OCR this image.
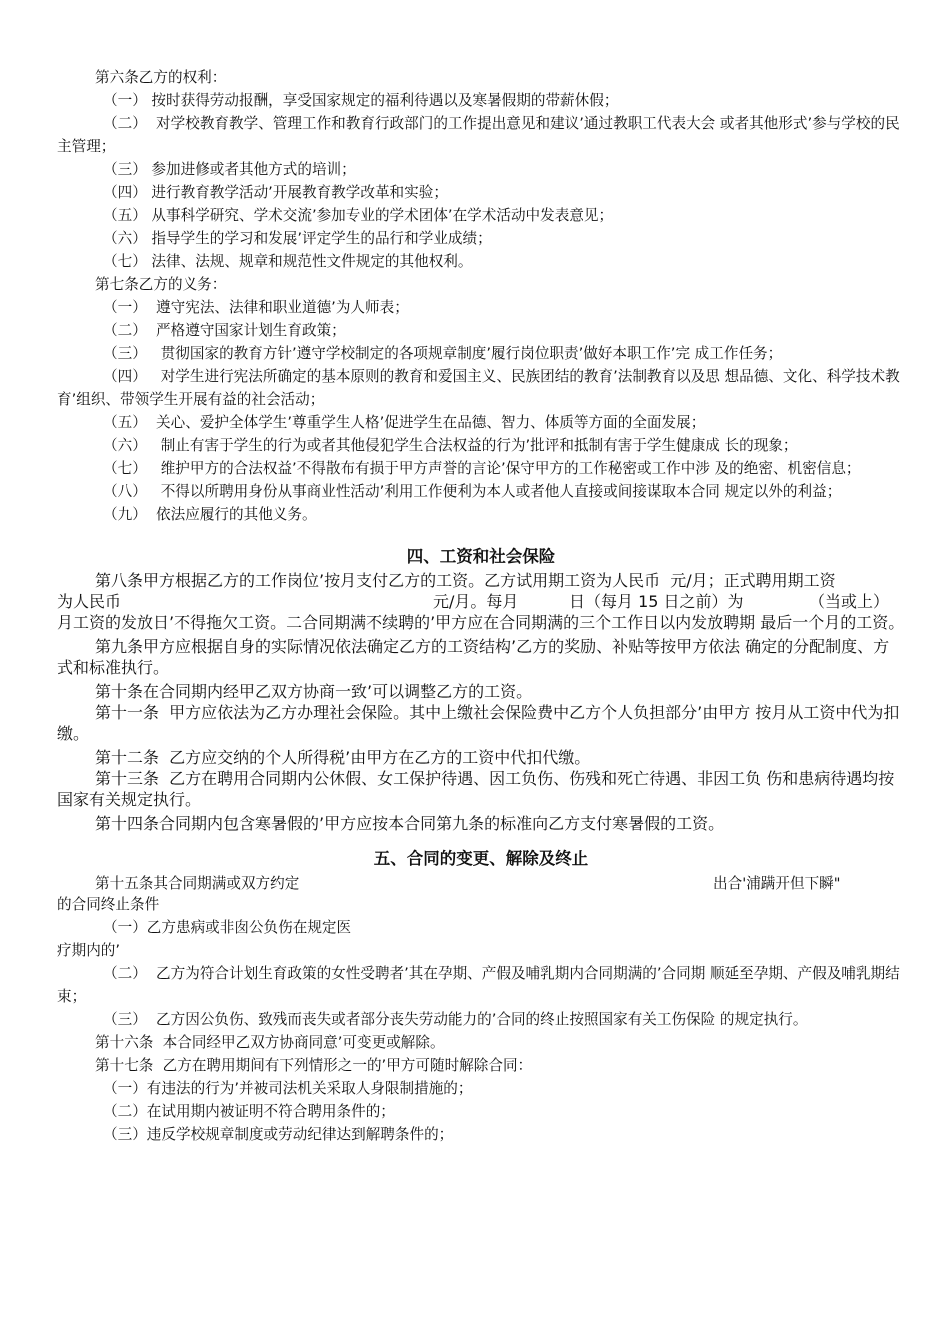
第六条乙方的权利：

（一） 按时获得劳动报酬，享受国家规定的福利待遇以及寒暑假期的带薪休假；

（二）  对学校教育教学、管理工作和教育行政部门的工作提出意见和建议’通过教职工代表大会 或者其他形式’参与学校的民主管理；

（三） 参加进修或者其他方式的培训；

（四） 进行教育教学活动’开展教育教学改革和实验；

（五） 从事科学研究、学术交流’参加专业的学术团体’在学术活动中发表意见；

（六） 指导学生的学习和发展’评定学生的品行和学业成绩；

（七） 法律、法规、规章和规范性文件规定的其他权利。

第七条乙方的义务：

（一）  遵守宪法、法律和职业道德’为人师表；

（二）  严格遵守国家计划生育政策；

（三）   贯彻国家的教育方针’遵守学校制定的各项规章制度’履行岗位职责’做好本职工作’完 成工作任务；

（四）   对学生进行宪法所确定的基本原则的教育和爱国主义、民族团结的教育’法制教育以及思 想品德、文化、科学技术教育’组织、带领学生开展有益的社会活动；

（五）  关心、爱护全体学生’尊重学生人格’促进学生在品德、智力、体质等方面的全面发展；

（六）   制止有害于学生的行为或者其他侵犯学生合法权益的行为’批评和抵制有害于学生健康成 长的现象；

（七）   维护甲方的合法权益’不得散布有损于甲方声誉的言论’保守甲方的工作秘密或工作中涉 及的绝密、机密信息；

（八）   不得以所聘用身份从事商业性活动’利用工作便利为本人或者他人直接或间接谋取本合同 规定以外的利益；

（九）  依法应履行的其他义务。

四、工资和社会保险

第八条甲方根据乙方的工作岗位’按月支付乙方的工资。乙方试用期工资为人民币  元/月；正式聘用期工资

为人民币

	元/月。每月

	日（每月 15 日之前）为

	（当或上）

月工资的发放日’不得拖欠工资。二合同期满不续聘的’甲方应在合同期满的三个工作日以内发放聘期 最后一个月的工资。

第九条甲方应根据自身的实际情况依法确定乙方的工资结构’乙方的奖励、补贴等按甲方依法 确定的分配制度、方式和标准执行。

第十条在合同期内经甲乙双方协商一致’可以调整乙方的工资。

第十一条  甲方应依法为乙方办理社会保险。其中上缴社会保险费中乙方个人负担部分’由甲方 按月从工资中代为扣缴。

第十二条  乙方应交纳的个人所得税’由甲方在乙方的工资中代扣代缴。

第十三条  乙方在聘用合同期内公休假、女工保护待遇、因工负伤、伤残和死亡待遇、非因工负 伤和患病待遇均按国家有关规定执行。

第十四条合同期内包含寒暑假的’甲方应按本合同第九条的标准向乙方支付寒暑假的工资。

五、合同的变更、解除及终止

第十五条其合同期满或双方约定

	出合'浦蹒开但下瞬"

的合同终止条件

（一）乙方患病或非囱公负伤在规定医疗期内的’

（二）  乙方为符合计划生育政策的女性受聘者’其在孕期、产假及哺乳期内合同期满的’合同期 顺延至孕期、产假及哺乳期结束；

（三）  乙方因公负伤、致残而丧失或者部分丧失劳动能力的’合同的终止按照国家有关工伤保险 的规定执行。

第十六条  本合同经甲乙双方协商同意’可变更或解除。

第十七条  乙方在聘用期间有下列情形之一的’甲方可随时解除合同：

（一）有违法的行为’并被司法机关采取人身限制措施的；

（二）在试用期内被证明不符合聘用条件的；

（三）违反学校规章制度或劳动纪律达到解聘条件的；
